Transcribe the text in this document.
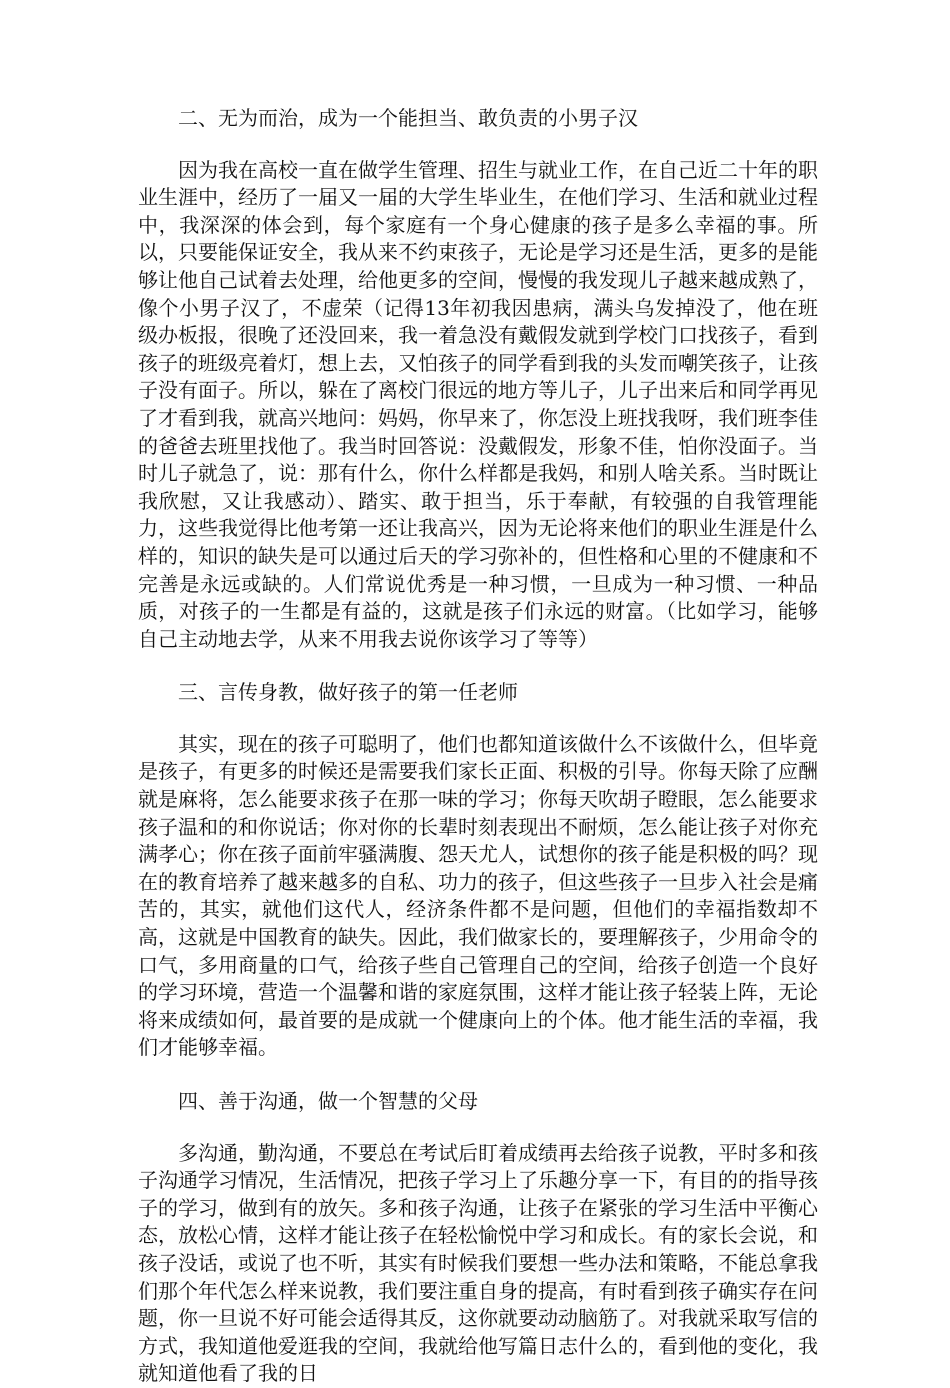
二、无为而治，成为一个能担当、敢负责的小男子汉

因为我在高校一直在做学生管理、招生与就业工作，在自己近二十年的职业生涯中，经历了一届又一届的大学生毕业生，在他们学习、生活和就业过程中，我深深的体会到，每个家庭有一个身心健康的孩子是多么幸福的事。所以，只要能保证安全，我从来不约束孩子，无论是学习还是生活，更多的是能够让他自己试着去处理，给他更多的空间，慢慢的我发现儿子越来越成熟了，像个小男子汉了，不虚荣（记得13年初我因患病，满头乌发掉没了，他在班级办板报，很晚了还没回来，我一着急没有戴假发就到学校门口找孩子，看到孩子的班级亮着灯，想上去，又怕孩子的同学看到我的头发而嘲笑孩子，让孩子没有面子。所以，躲在了离校门很远的地方等儿子，儿子出来后和同学再见了才看到我，就高兴地问：妈妈，你早来了，你怎没上班找我呀，我们班李佳的爸爸去班里找他了。我当时回答说：没戴假发，形象不佳，怕你没面子。当时儿子就急了，说：那有什么，你什么样都是我妈，和别人啥关系。当时既让我欣慰，又让我感动）、踏实、敢于担当，乐于奉献，有较强的自我管理能力，这些我觉得比他考第一还让我高兴，因为无论将来他们的职业生涯是什么样的，知识的缺失是可以通过后天的学习弥补的，但性格和心里的不健康和不完善是永远或缺的。人们常说优秀是一种习惯，一旦成为一种习惯、一种品质，对孩子的一生都是有益的，这就是孩子们永远的财富。（比如学习，能够自己主动地去学，从来不用我去说你该学习了等等）

三、言传身教，做好孩子的第一任老师

其实，现在的孩子可聪明了，他们也都知道该做什么不该做什么，但毕竟是孩子，有更多的时候还是需要我们家长正面、积极的引导。你每天除了应酬就是麻将，怎么能要求孩子在那一味的学习；你每天吹胡子瞪眼，怎么能要求孩子温和的和你说话；你对你的长辈时刻表现出不耐烦，怎么能让孩子对你充满孝心；你在孩子面前牢骚满腹、怨天尤人，试想你的孩子能是积极的吗？现在的教育培养了越来越多的自私、功力的孩子，但这些孩子一旦步入社会是痛苦的，其实，就他们这代人，经济条件都不是问题，但他们的幸福指数却不高，这就是中国教育的缺失。因此，我们做家长的，要理解孩子，少用命令的口气，多用商量的口气，给孩子些自己管理自己的空间，给孩子创造一个良好的学习环境，营造一个温馨和谐的家庭氛围，这样才能让孩子轻装上阵，无论将来成绩如何，最首要的是成就一个健康向上的个体。他才能生活的幸福，我们才能够幸福。

四、善于沟通，做一个智慧的父母

多沟通，勤沟通，不要总在考试后盯着成绩再去给孩子说教，平时多和孩子沟通学习情况，生活情况，把孩子学习上了乐趣分享一下，有目的的指导孩子的学习，做到有的放矢。多和孩子沟通，让孩子在紧张的学习生活中平衡心态，放松心情，这样才能让孩子在轻松愉悦中学习和成长。有的家长会说，和孩子没话，或说了也不听，其实有时候我们要想一些办法和策略，不能总拿我们那个年代怎么样来说教，我们要注重自身的提高，有时看到孩子确实存在问题，你一旦说不好可能会适得其反，这你就要动动脑筋了。对我就采取写信的方式，我知道他爱逛我的空间，我就给他写篇日志什么的，看到他的变化，我就知道他看了我的日
